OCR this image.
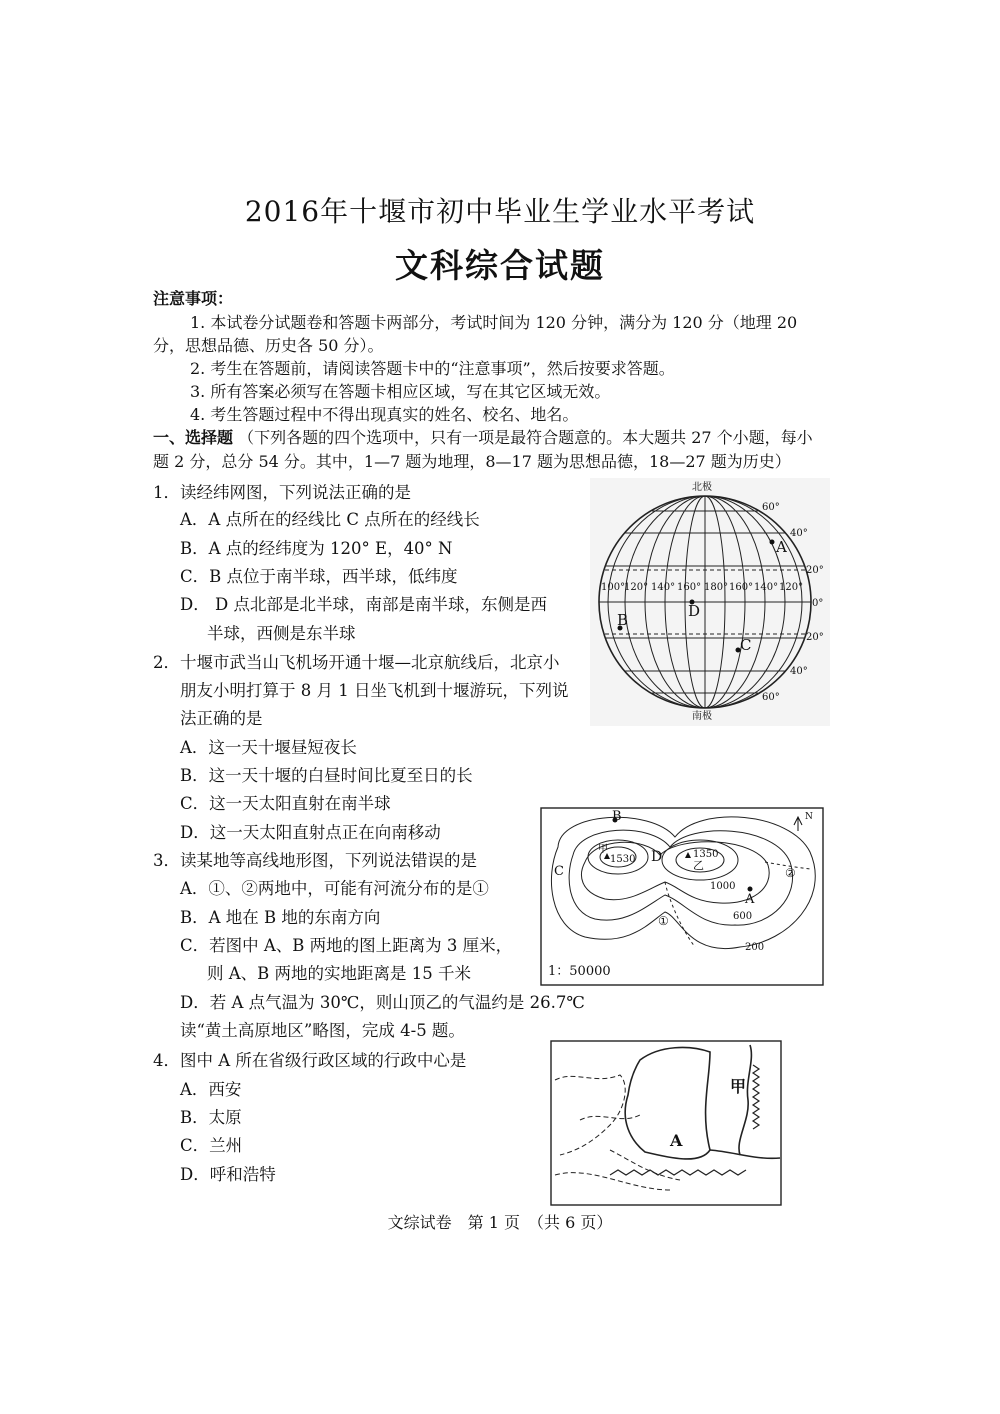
2016年十堰市初中毕业生学业水平考试
文科综合试题
注意事项：
1. 本试卷分试题卷和答题卡两部分，考试时间为 120 分钟，满分为 120 分（地理 20
分，思想品德、历史各 50 分）。
2. 考生在答题前，请阅读答题卡中的“注意事项”，然后按要求答题。
3. 所有答案必须写在答题卡相应区域，写在其它区域无效。
4. 考生答题过程中不得出现真实的姓名、校名、地名。
一、选择题 （下列各题的四个选项中，只有一项是最符合题意的。本大题共 27 个小题，每小
题 2 分，总分 54 分。其中，1—7 题为地理，8—17 题为思想品德，18—27 题为历史）
1．读经纬网图，下列说法正确的是
A．A 点所在的经线比 C 点所在的经线长
B．A 点的经纬度为 120° E，40° N
C．B 点位于南半球，西半球，低纬度
D． D 点北部是北半球，南部是南半球，东侧是西
半球，西侧是东半球
2．十堰市武当山飞机场开通十堰—北京航线后，北京小
朋友小明打算于 8 月 1 日坐飞机到十堰游玩，下列说
法正确的是
A．这一天十堰昼短夜长
B．这一天十堰的白昼时间比夏至日的长
C．这一天太阳直射在南半球
D．这一天太阳直射点正在向南移动
3．读某地等高线地形图，下列说法错误的是
A．①、②两地中，可能有河流分布的是①
B．A 地在 B 地的东南方向
C．若图中 A、B 两地的图上距离为 3 厘米，
则 A、B 两地的实地距离是 15 千米
D．若 A 点气温为 30℃，则山顶乙的气温约是 26.7℃
读“黄土高原地区”略图，完成 4-5 题。
4．图中 A 所在省级行政区域的行政中心是
A．西安
B．太原
C．兰州
D．呼和浩特
北极
南极
100°
120° 140° 160° 180° 160° 140° 120°
60°
40°
20°
0°
20°
40°
60°
A
B
C
D
B
甲
1530 D	1350
乙
1000
C	②
A
①	600
200
N
1：50000
甲
A
文综试卷　第 1 页　（共 6 页）
